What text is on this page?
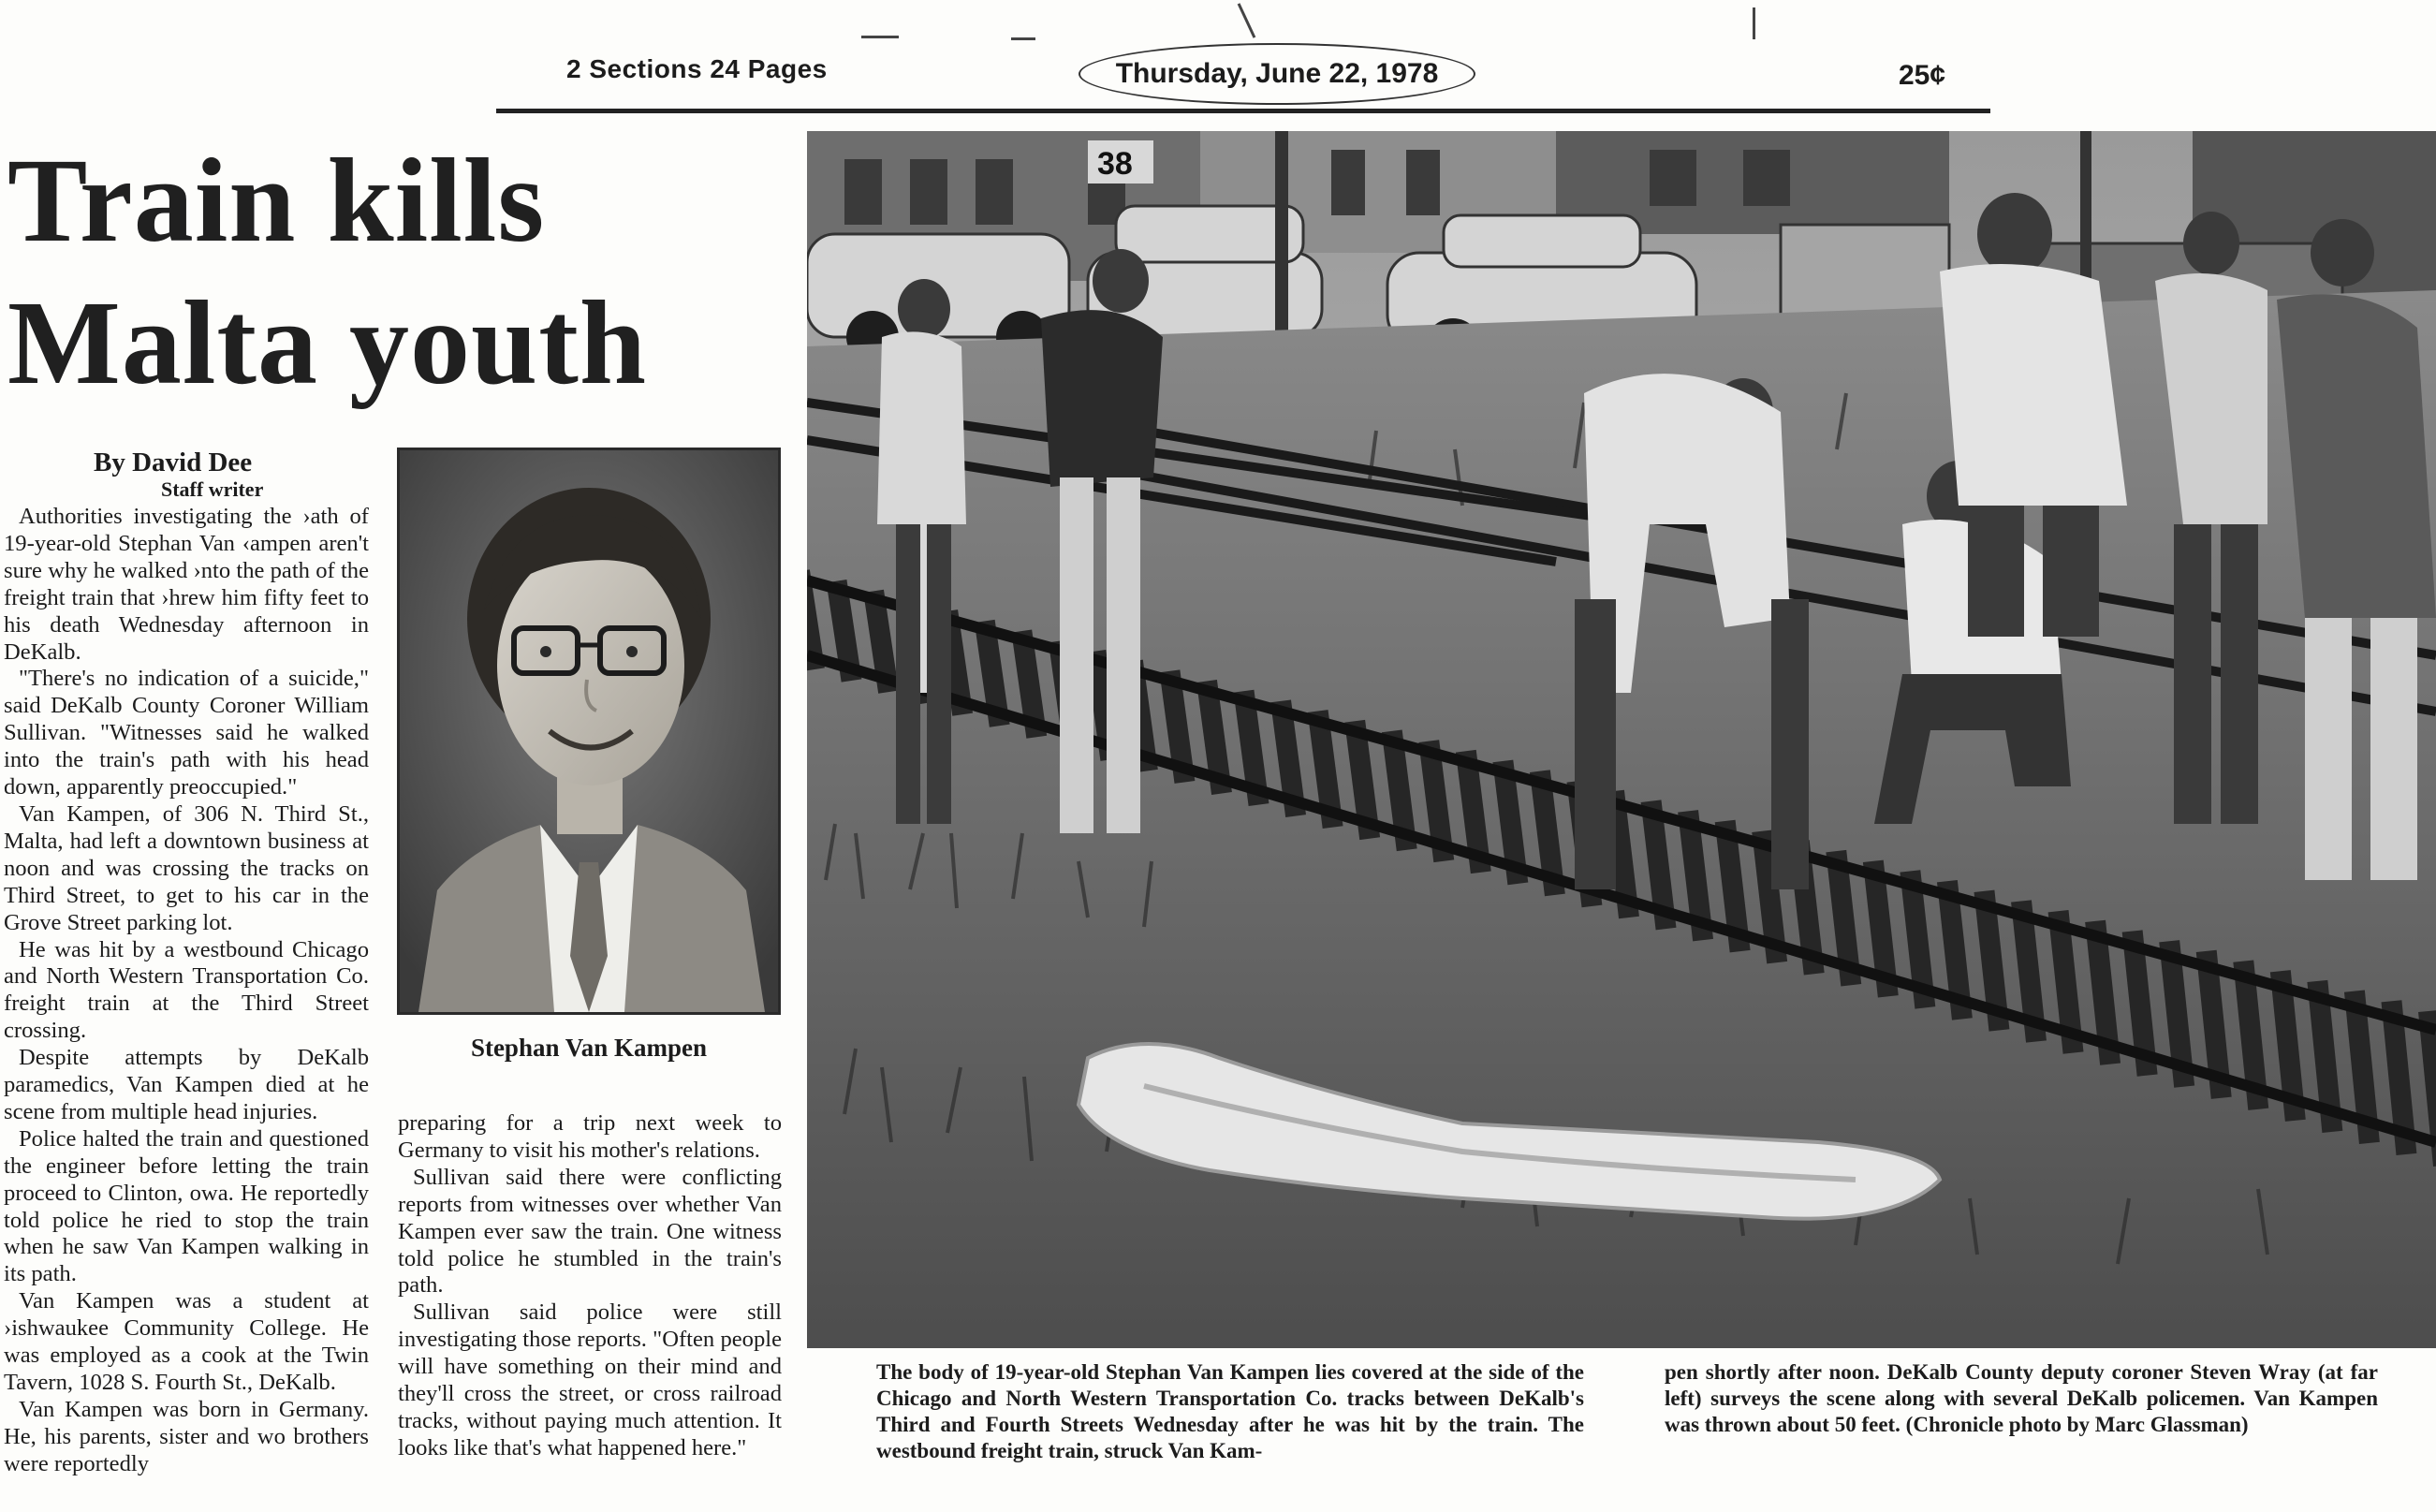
2 Sections 24 Pages	Thursday, June 22, 1978	25¢
Train kills
Malta youth
By David Dee
Staff writer

Authorities investigating the ›ath of 19-year-old Stephan Van ‹ampen aren't sure why he walked ›nto the path of the freight train that ›hrew him fifty feet to his death Wednesday afternoon in DeKalb.

"There's no indication of a suicide," said DeKalb County Coroner William Sullivan. "Witnesses said he walked into the train's path with his head down, apparently preoccupied."

Van Kampen, of 306 N. Third St., Malta, had left a downtown business at noon and was crossing the tracks on Third Street, to get to his car in the Grove Street parking lot.

He was hit by a westbound Chicago and North Western Transportation Co. freight train at the Third Street crossing.

Despite attempts by DeKalb paramedics, Van Kampen died at he scene from multiple head injuries.

Police halted the train and questioned the engineer before letting the train proceed to Clinton, owa. He reportedly told police he ried to stop the train when he saw Van Kampen walking in its path.

Van Kampen was a student at ›ishwaukee Community College. He was employed as a cook at the Twin Tavern, 1028 S. Fourth St., DeKalb.

Van Kampen was born in Germany. He, his parents, sister and wo brothers were reportedly

Stephan Van Kampen

preparing for a trip next week to Germany to visit his mother's relations.

Sullivan said there were conflicting reports from witnesses over whether Van Kampen ever saw the train. One witness told police he stumbled in the train's path.

Sullivan said police were still investigating those reports. "Often people will have something on their mind and they'll cross the street, or cross railroad tracks, without paying much attention. It looks like that's what happened here."

38
The body of 19-year-old Stephan Van Kampen lies covered at the side of the Chicago and North Western Transportation Co. tracks between DeKalb's Third and Fourth Streets Wednesday after he was hit by the train. The westbound freight train, struck Van Kam-
pen shortly after noon. DeKalb County deputy coroner Steven Wray (at far left) surveys the scene along with several DeKalb policemen. Van Kampen was thrown about 50 feet. (Chronicle photo by Marc Glassman)
